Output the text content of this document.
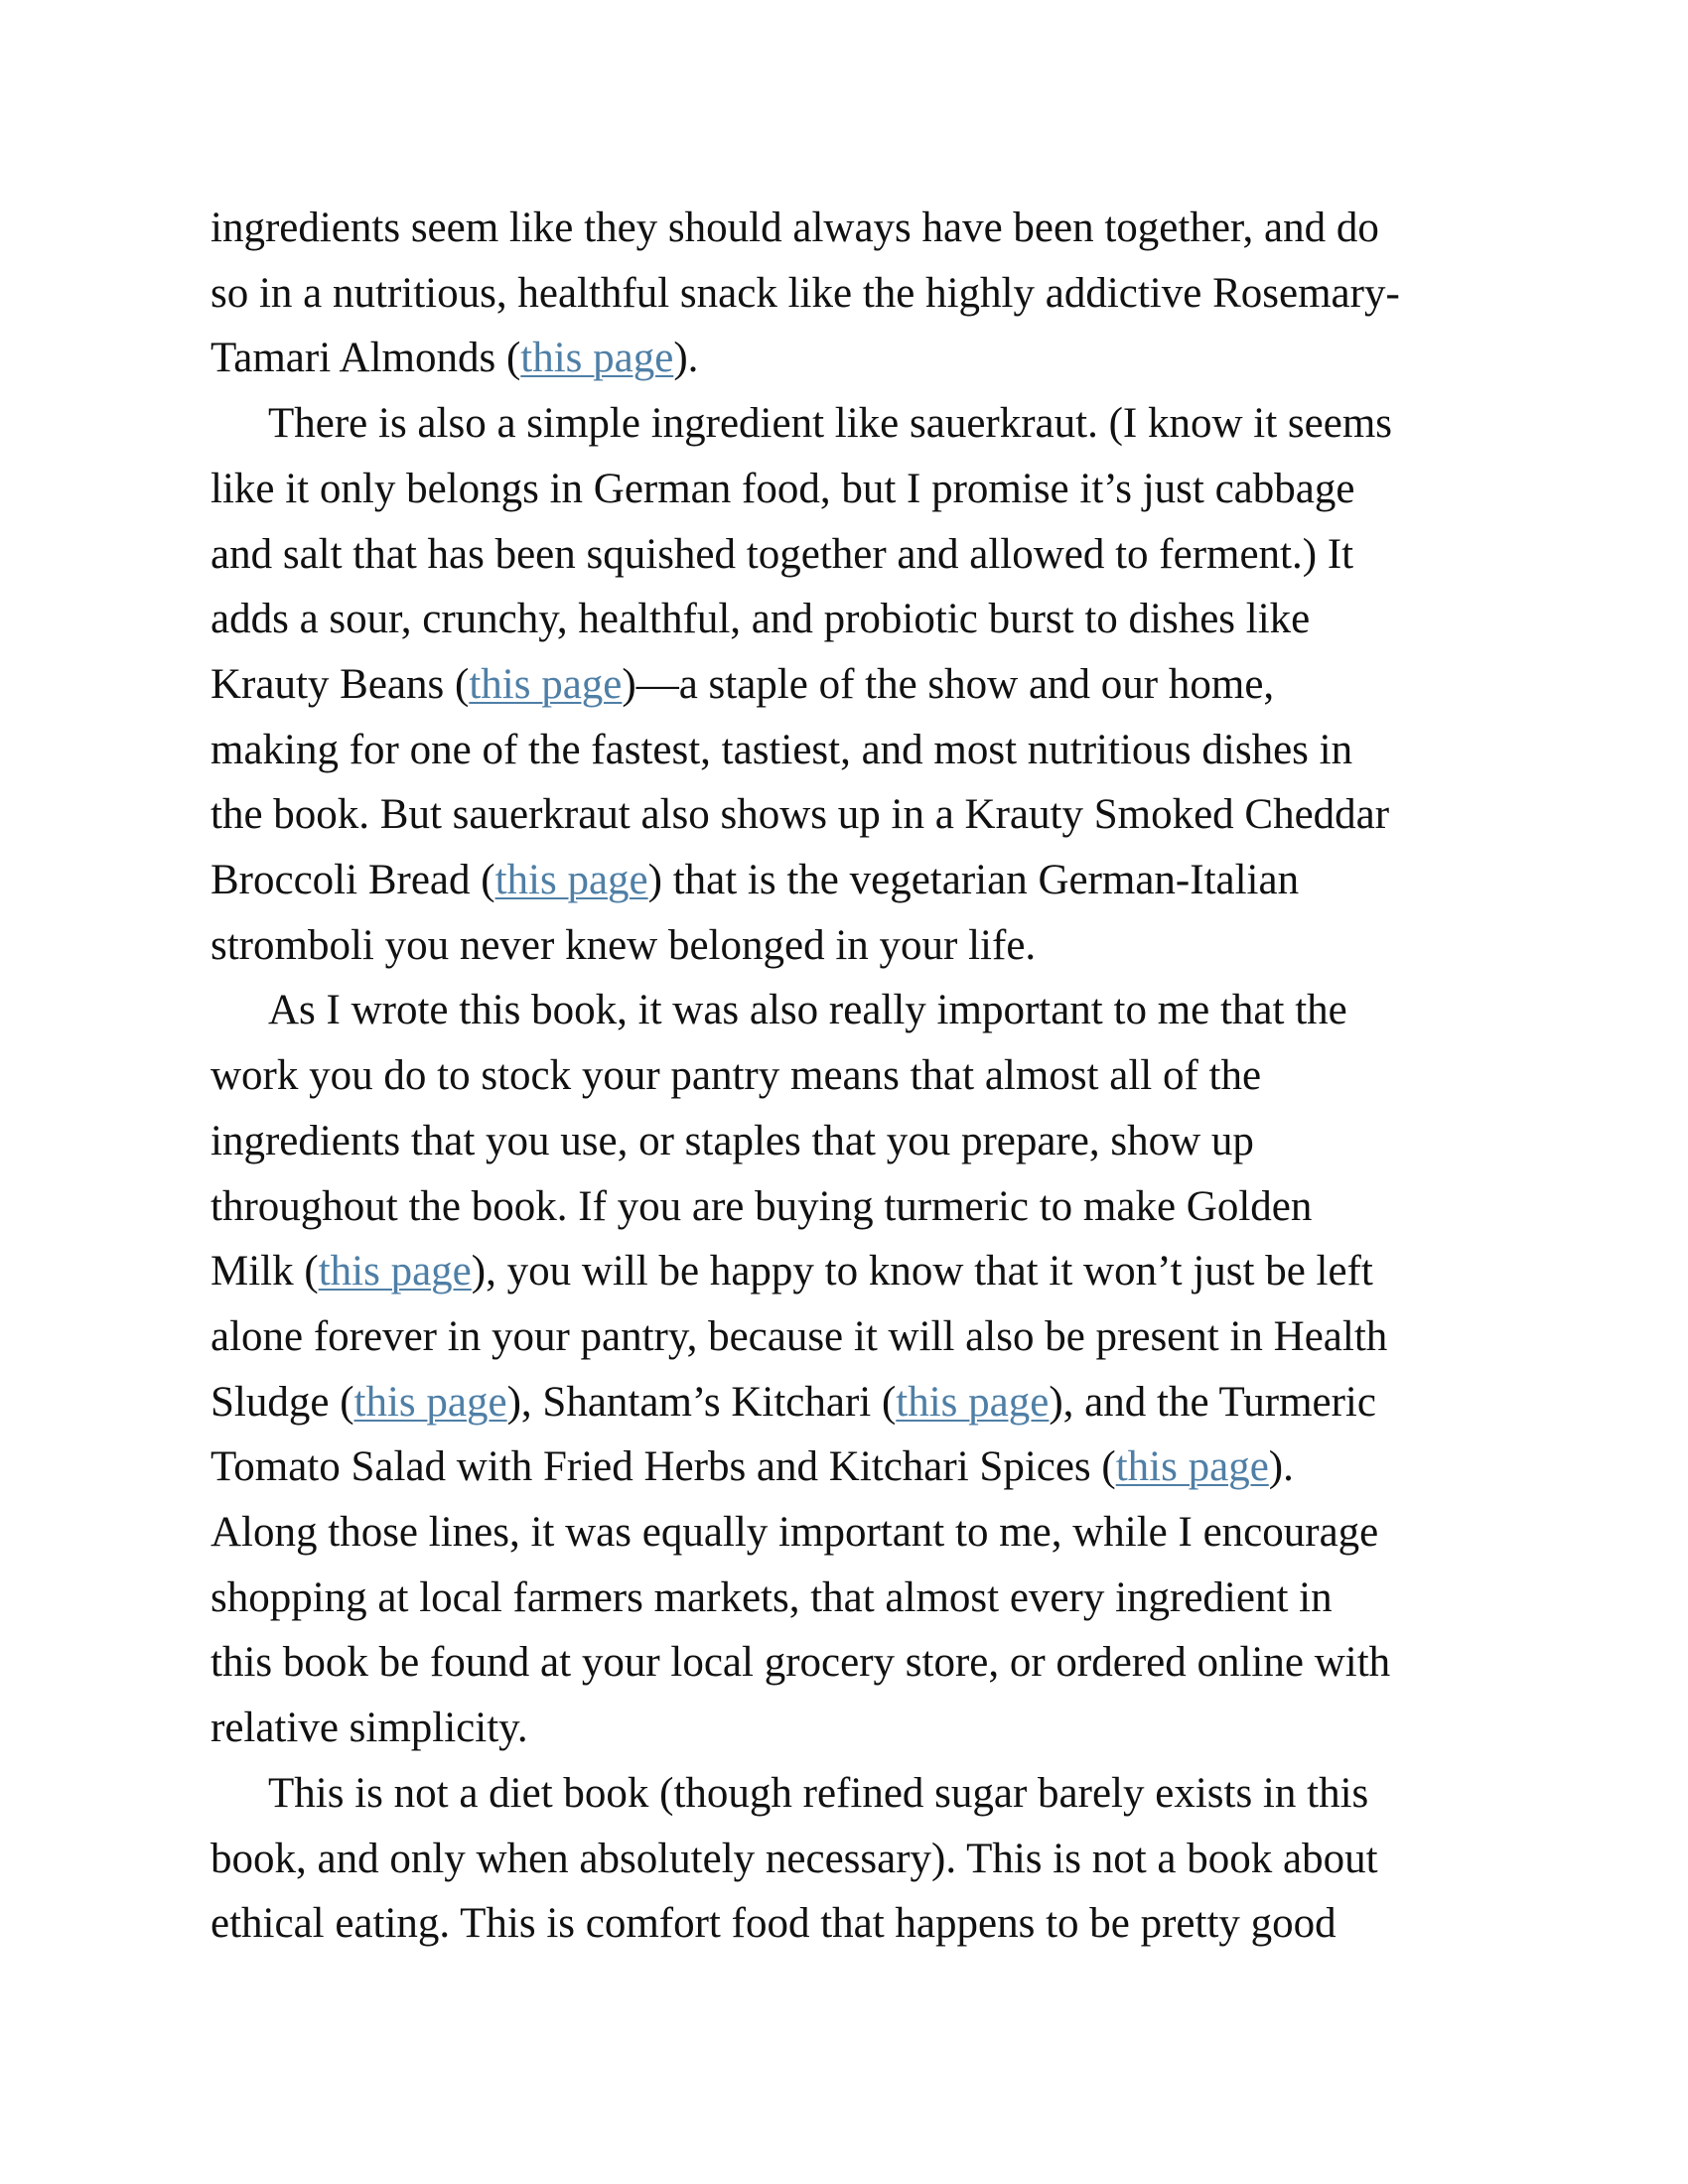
ingredients seem like they should always have been together, and do
so in a nutritious, healthful snack like the highly addictive Rosemary-
Tamari Almonds (this page).

There is also a simple ingredient like sauerkraut. (I know it seems
like it only belongs in German food, but I promise it’s just cabbage
and salt that has been squished together and allowed to ferment.) It
adds a sour, crunchy, healthful, and probiotic burst to dishes like
Krauty Beans (this page)—a staple of the show and our home,
making for one of the fastest, tastiest, and most nutritious dishes in
the book. But sauerkraut also shows up in a Krauty Smoked Cheddar
Broccoli Bread (this page) that is the vegetarian German-Italian
stromboli you never knew belonged in your life.

As I wrote this book, it was also really important to me that the
work you do to stock your pantry means that almost all of the
ingredients that you use, or staples that you prepare, show up
throughout the book. If you are buying turmeric to make Golden
Milk (this page), you will be happy to know that it won’t just be left
alone forever in your pantry, because it will also be present in Health
Sludge (this page), Shantam’s Kitchari (this page), and the Turmeric
Tomato Salad with Fried Herbs and Kitchari Spices (this page).
Along those lines, it was equally important to me, while I encourage
shopping at local farmers markets, that almost every ingredient in
this book be found at your local grocery store, or ordered online with
relative simplicity.

This is not a diet book (though refined sugar barely exists in this
book, and only when absolutely necessary). This is not a book about
ethical eating. This is comfort food that happens to be pretty good
